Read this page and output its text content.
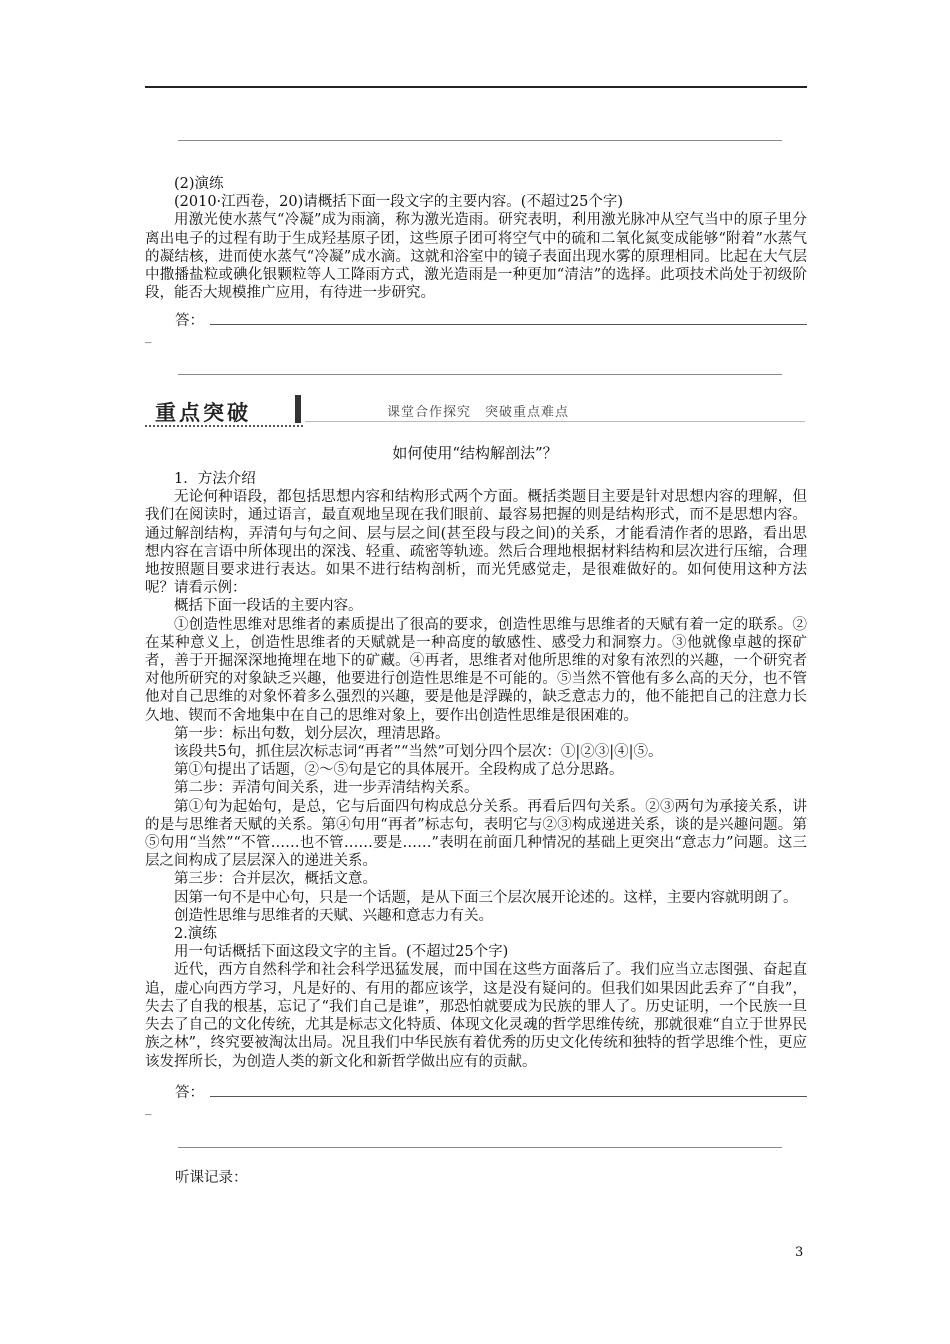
(2)演练

(2010·江西卷，20)请概括下面一段文字的主要内容。(不超过25个字)

用激光使水蒸气“冷凝”成为雨滴，称为激光造雨。研究表明，利用激光脉冲从空气当中的原子里分离出电子的过程有助于生成羟基原子团，这些原子团可将空气中的硫和二氧化氮变成能够“附着”水蒸气的凝结核，进而使水蒸气“冷凝”成水滴。这就和浴室中的镜子表面出现水雾的原理相同。比起在大气层中撒播盐粒或碘化银颗粒等人工降雨方式，激光造雨是一种更加“清洁”的选择。此项技术尚处于初级阶段，能否大规模推广应用，有待进一步研究。

答：
_
重点突破	课堂合作探究　突破重点难点
如何使用“结构解剖法”？

1．方法介绍

无论何种语段，都包括思想内容和结构形式两个方面。概括类题目主要是针对思想内容的理解，但我们在阅读时，通过语言，最直观地呈现在我们眼前、最容易把握的则是结构形式，而不是思想内容。通过解剖结构，弄清句与句之间、层与层之间(甚至段与段之间)的关系，才能看清作者的思路，看出思想内容在言语中所体现出的深浅、轻重、疏密等轨迹。然后合理地根据材料结构和层次进行压缩，合理地按照题目要求进行表达。如果不进行结构剖析，而光凭感觉走，是很难做好的。如何使用这种方法呢？请看示例：

概括下面一段话的主要内容。

①创造性思维对思维者的素质提出了很高的要求，创造性思维与思维者的天赋有着一定的联系。②在某种意义上，创造性思维者的天赋就是一种高度的敏感性、感受力和洞察力。③他就像卓越的探矿者，善于开掘深深地掩埋在地下的矿藏。④再者，思维者对他所思维的对象有浓烈的兴趣，一个研究者对他所研究的对象缺乏兴趣，他要进行创造性思维是不可能的。⑤当然不管他有多么高的天分，也不管他对自己思维的对象怀着多么强烈的兴趣，要是他是浮躁的，缺乏意志力的，他不能把自己的注意力长久地、锲而不舍地集中在自己的思维对象上，要作出创造性思维是很困难的。

第一步：标出句数，划分层次，理清思路。

该段共5句，抓住层次标志词“再者”“当然”可划分四个层次：①|②③|④|⑤。

第①句提出了话题，②～⑤句是它的具体展开。全段构成了总分思路。

第二步：弄清句间关系，进一步弄清结构关系。

第①句为起始句，是总，它与后面四句构成总分关系。再看后四句关系。②③两句为承接关系，讲的是与思维者天赋的关系。第④句用“再者”标志句，表明它与②③构成递进关系，谈的是兴趣问题。第⑤句用“当然”“不管……也不管……要是……”表明在前面几种情况的基础上更突出“意志力”问题。这三层之间构成了层层深入的递进关系。

第三步：合并层次，概括文意。

因第一句不是中心句，只是一个话题，是从下面三个层次展开论述的。这样，主要内容就明朗了。

创造性思维与思维者的天赋、兴趣和意志力有关。

2.演练

用一句话概括下面这段文字的主旨。(不超过25个字)

近代，西方自然科学和社会科学迅猛发展，而中国在这些方面落后了。我们应当立志图强、奋起直追，虚心向西方学习，凡是好的、有用的都应该学，这是没有疑问的。但我们如果因此丢弃了“自我”，失去了自我的根基，忘记了“我们自己是谁”，那恐怕就要成为民族的罪人了。历史证明，一个民族一旦失去了自己的文化传统，尤其是标志文化特质、体现文化灵魂的哲学思维传统，那就很难“自立于世界民族之林”，终究要被淘汰出局。况且我们中华民族有着优秀的历史文化传统和独特的哲学思维个性，更应该发挥所长，为创造人类的新文化和新哲学做出应有的贡献。

答：
_
听课记录：
3
